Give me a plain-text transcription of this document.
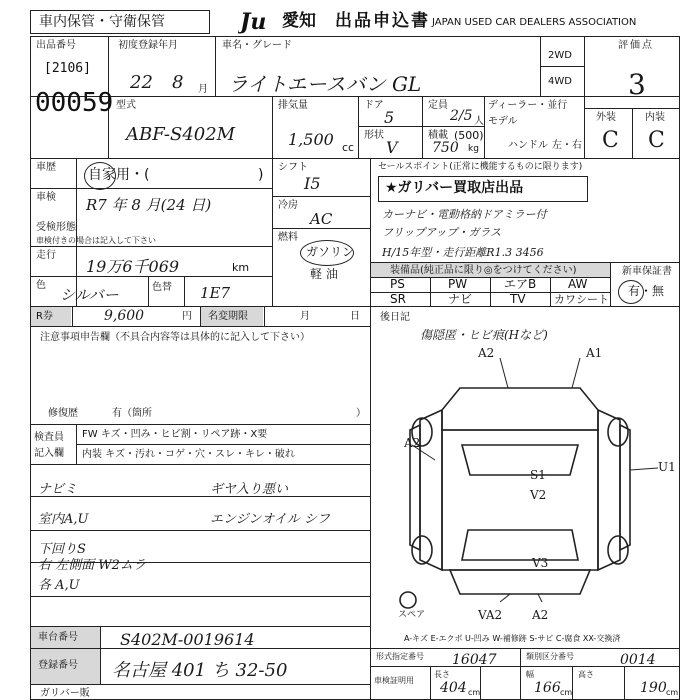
車内保管・守衛保管	Ju 愛知 出品申込書 JAPAN USED CAR DEALERS ASSOCIATION
出品番号
[2106]
00059
初度登録年月
22 8 月
車名・グレード
ライトエースバン GL
2WD
4WD
評価点
3
外装	内装
C C
型式
ABF-S402M
排気量
1,500 cc
ドア
5
形状
V
定員
2/5 人
積載 (500)
750 kg
ディーラー・並行
モデル
ハンドル 左・右
車歴 自家用・(	)
車検 R7 年 8 月(24 日)
受検形態
車検付きの場合は記入して下さい
走行
19万6千069	km
色
シルバー	色替 1E7
シフト
I5
冷房
AC
燃料
ガソリン
軽 油
セールスポイント(正常に機能するものに限ります)
★ガリバー買取店出品
カーナビ・電動格納ドアミラー付
フリップアップ・ガラス
H/15年型・走行距離R1.3 3456
装備品(純正品に限り◎をつけてください)
PS	PW	エアB	AW
SR	ナビ	TV	カワシート
新車保証書
有・無
R券	9,600	円 名変期限	月	日
注意事項申告欄（不具合内容等は具体的に記入して下さい）
修復歴	有（箇所	）
後日記
傷隠匿・ヒビ痕(Hなど)
検査員
記入欄
FW キズ・凹み・ヒビ割・リペア跡・X要
内装 キズ・汚れ・コゲ・穴・スレ・キレ・破れ
ナビミ
室内A,U
下回りS
右 左側面 W2ムラ
各 A,U
ギヤ入り悪い
エンジンオイル シフ
A2	A1
A2
U1
S1
V2
V3
スペア	VA2 A2
A-キズ E-エクボ U-凹み W-補修跡 S-サビ C-腐食 XX-交換済
車台番号	S402M-0019614
登録番号 名古屋 401 ち 32-50
形式指定番号 16047	類別区分番号	0014
車検証明用
長さ
404 cm
幅
166 cm
高さ
190 cm
ガリバー販
